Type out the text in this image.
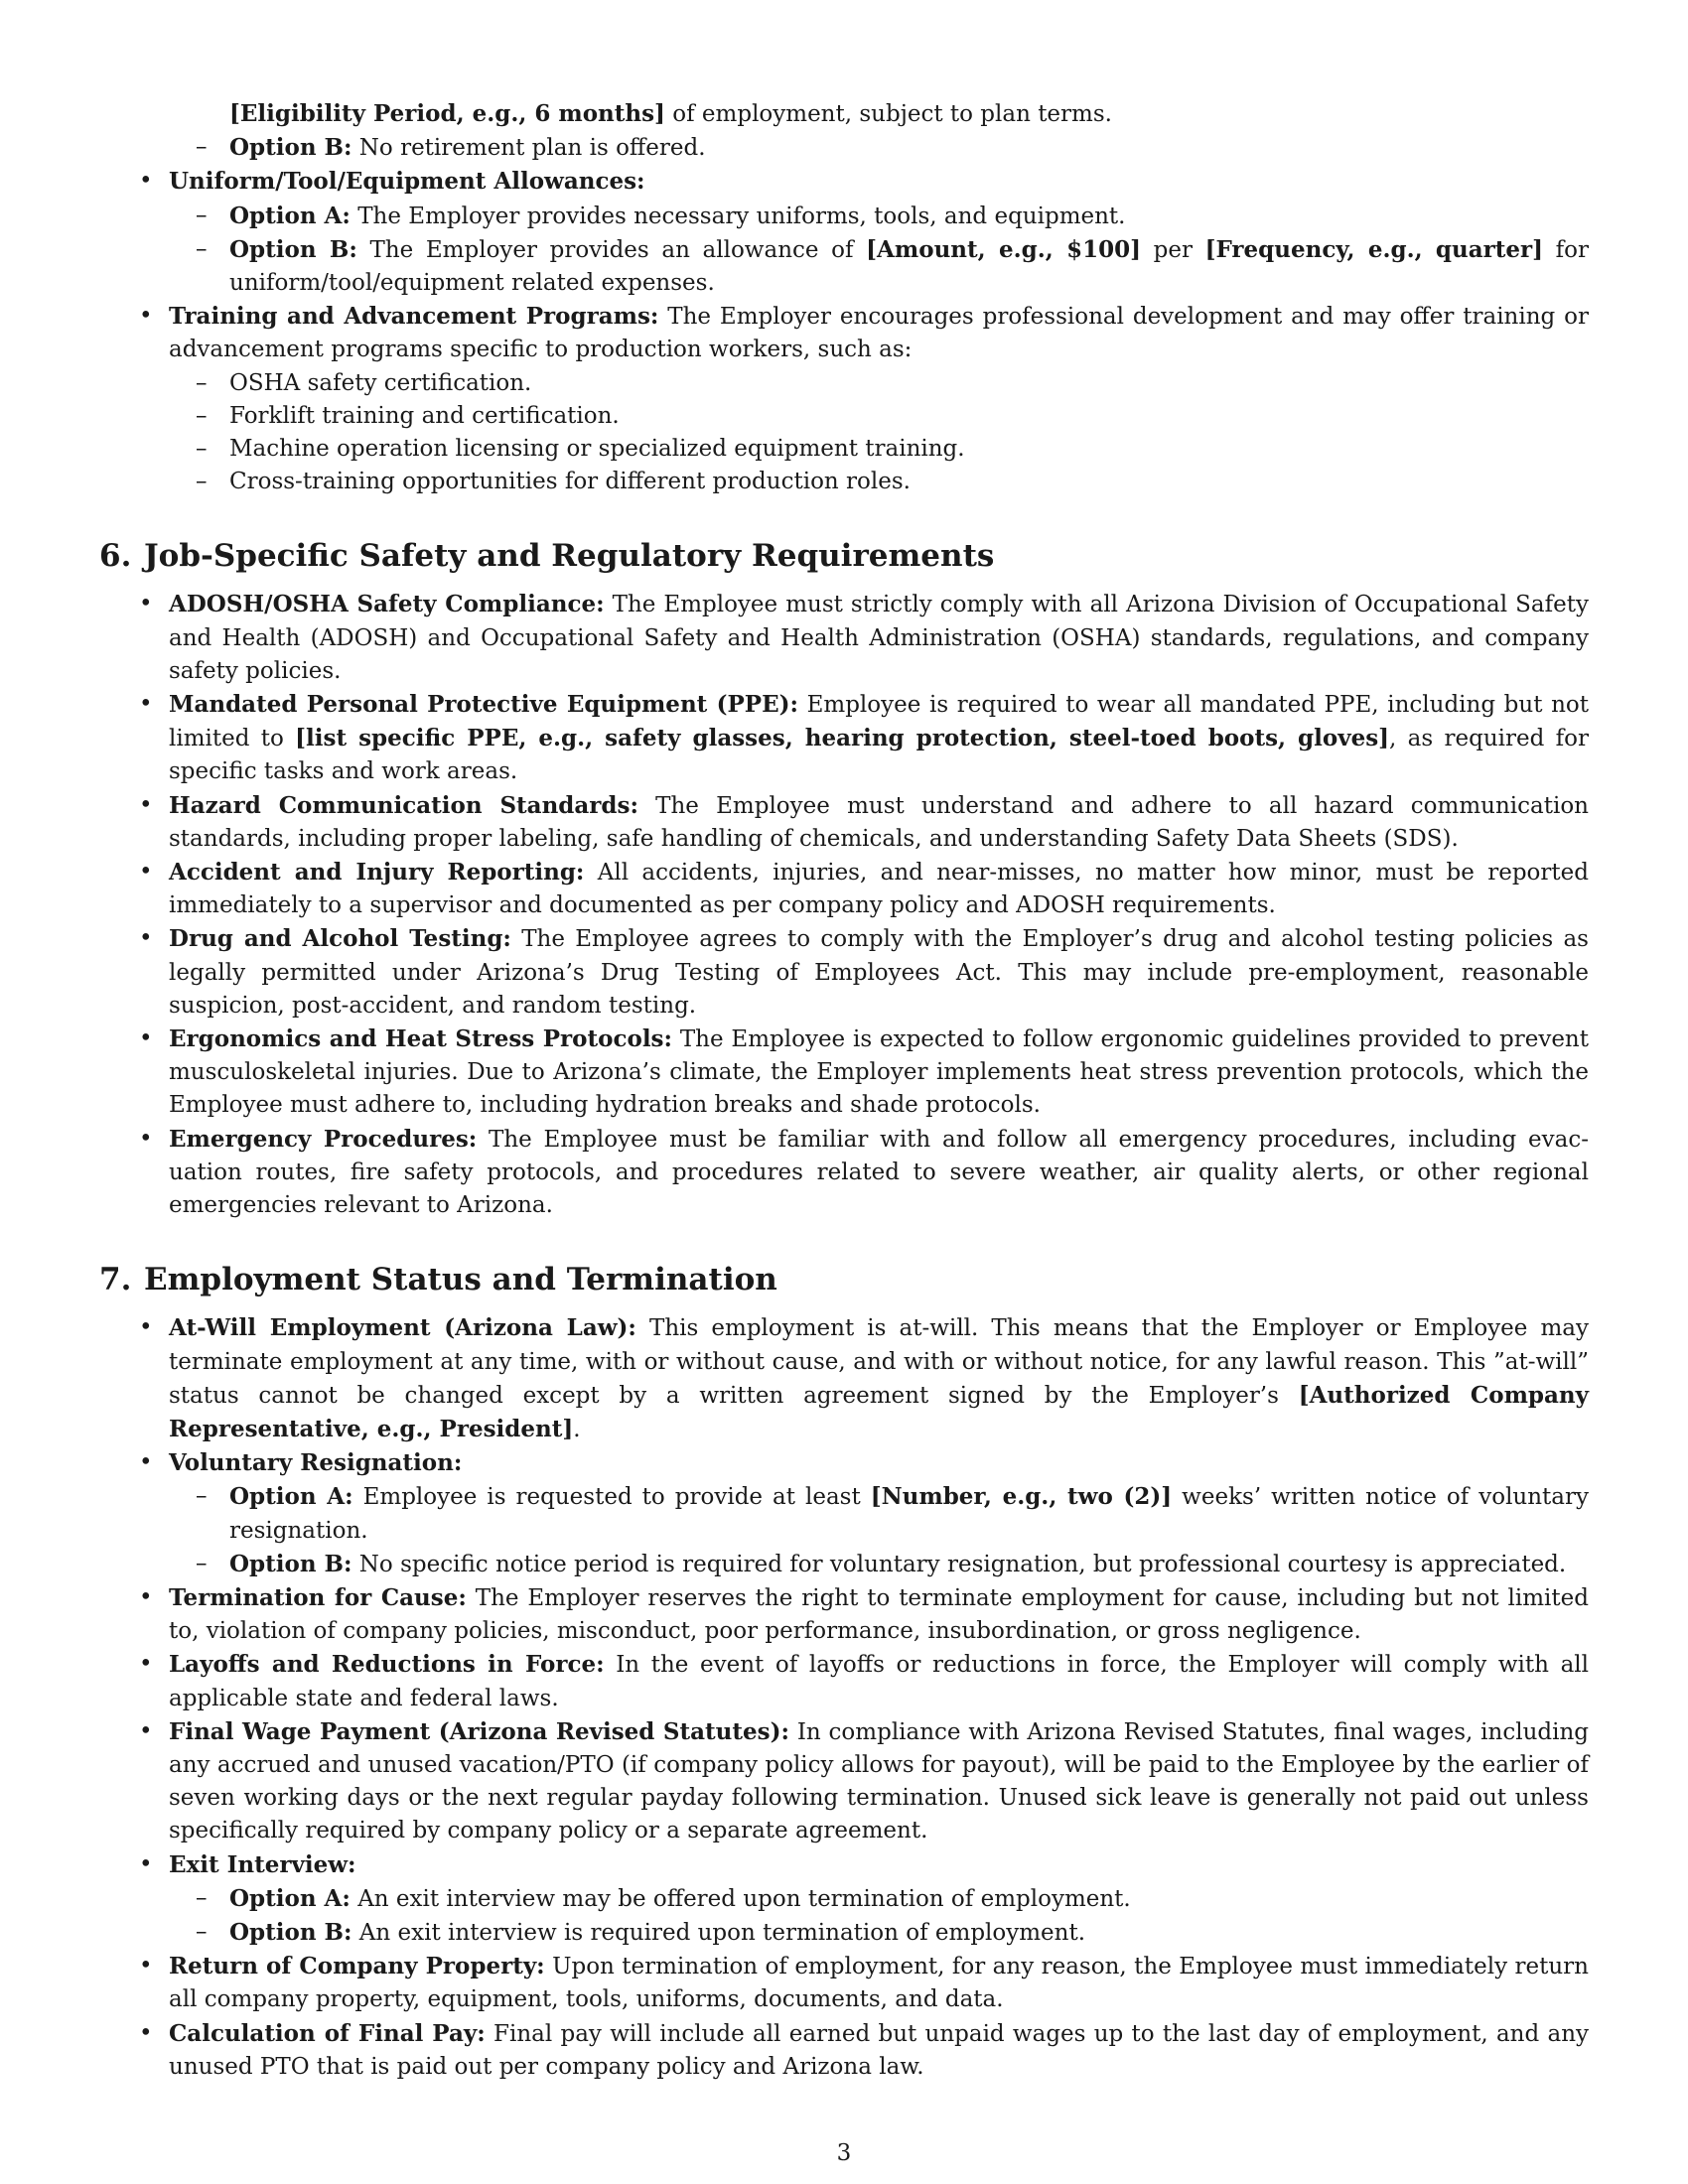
[Eligibility Period, e.g., 6 months] of employment, subject to plan terms.
– Option B: No retirement plan is offered.
• Uniform/Tool/Equipment Allowances:
– Option A: The Employer provides necessary uniforms, tools, and equipment.
– Option B: The Employer provides an allowance of [Amount, e.g., $100] per [Frequency, e.g., quarter] for uniform/tool/equipment related expenses.
• Training and Advancement Programs: The Employer encourages professional development and may offer training or advancement programs specific to production workers, such as:
– OSHA safety certification.
– Forklift training and certification.
– Machine operation licensing or specialized equipment training.
– Cross-training opportunities for different production roles.
6. Job-Specific Safety and Regulatory Requirements
• ADOSH/OSHA Safety Compliance: The Employee must strictly comply with all Arizona Division of Occupational Safety and Health (ADOSH) and Occupational Safety and Health Administration (OSHA) standards, regulations, and company safety policies.
• Mandated Personal Protective Equipment (PPE): Employee is required to wear all mandated PPE, including but not limited to [list specific PPE, e.g., safety glasses, hearing protection, steel-toed boots, gloves], as required for specific tasks and work areas.
• Hazard Communication Standards: The Employee must understand and adhere to all hazard communication standards, including proper labeling, safe handling of chemicals, and understanding Safety Data Sheets (SDS).
• Accident and Injury Reporting: All accidents, injuries, and near-misses, no matter how minor, must be reported immediately to a supervisor and documented as per company policy and ADOSH requirements.
• Drug and Alcohol Testing: The Employee agrees to comply with the Employer’s drug and alcohol testing policies as legally permitted under Arizona’s Drug Testing of Employees Act. This may include pre-employment, reasonable suspicion, post-accident, and random testing.
• Ergonomics and Heat Stress Protocols: The Employee is expected to follow ergonomic guidelines provided to prevent musculoskeletal injuries. Due to Arizona’s climate, the Employer implements heat stress prevention protocols, which the Employee must adhere to, including hydration breaks and shade protocols.
• Emergency Procedures: The Employee must be familiar with and follow all emergency procedures, including evacuation routes, fire safety protocols, and procedures related to severe weather, air quality alerts, or other regional emergencies relevant to Arizona.
7. Employment Status and Termination
• At-Will Employment (Arizona Law): This employment is at-will. This means that the Employer or Employee may terminate employment at any time, with or without cause, and with or without notice, for any lawful reason. This ”at-will” status cannot be changed except by a written agreement signed by the Employer’s [Authorized Company Representative, e.g., President].
• Voluntary Resignation:
– Option A: Employee is requested to provide at least [Number, e.g., two (2)] weeks’ written notice of voluntary resignation.
– Option B: No specific notice period is required for voluntary resignation, but professional courtesy is appreciated.
• Termination for Cause: The Employer reserves the right to terminate employment for cause, including but not limited to, violation of company policies, misconduct, poor performance, insubordination, or gross negligence.
• Layoffs and Reductions in Force: In the event of layoffs or reductions in force, the Employer will comply with all applicable state and federal laws.
• Final Wage Payment (Arizona Revised Statutes): In compliance with Arizona Revised Statutes, final wages, including any accrued and unused vacation/PTO (if company policy allows for payout), will be paid to the Employee by the earlier of seven working days or the next regular payday following termination. Unused sick leave is generally not paid out unless specifically required by company policy or a separate agreement.
• Exit Interview:
– Option A: An exit interview may be offered upon termination of employment.
– Option B: An exit interview is required upon termination of employment.
• Return of Company Property: Upon termination of employment, for any reason, the Employee must immediately return all company property, equipment, tools, uniforms, documents, and data.
• Calculation of Final Pay: Final pay will include all earned but unpaid wages up to the last day of employment, and any unused PTO that is paid out per company policy and Arizona law.
3
